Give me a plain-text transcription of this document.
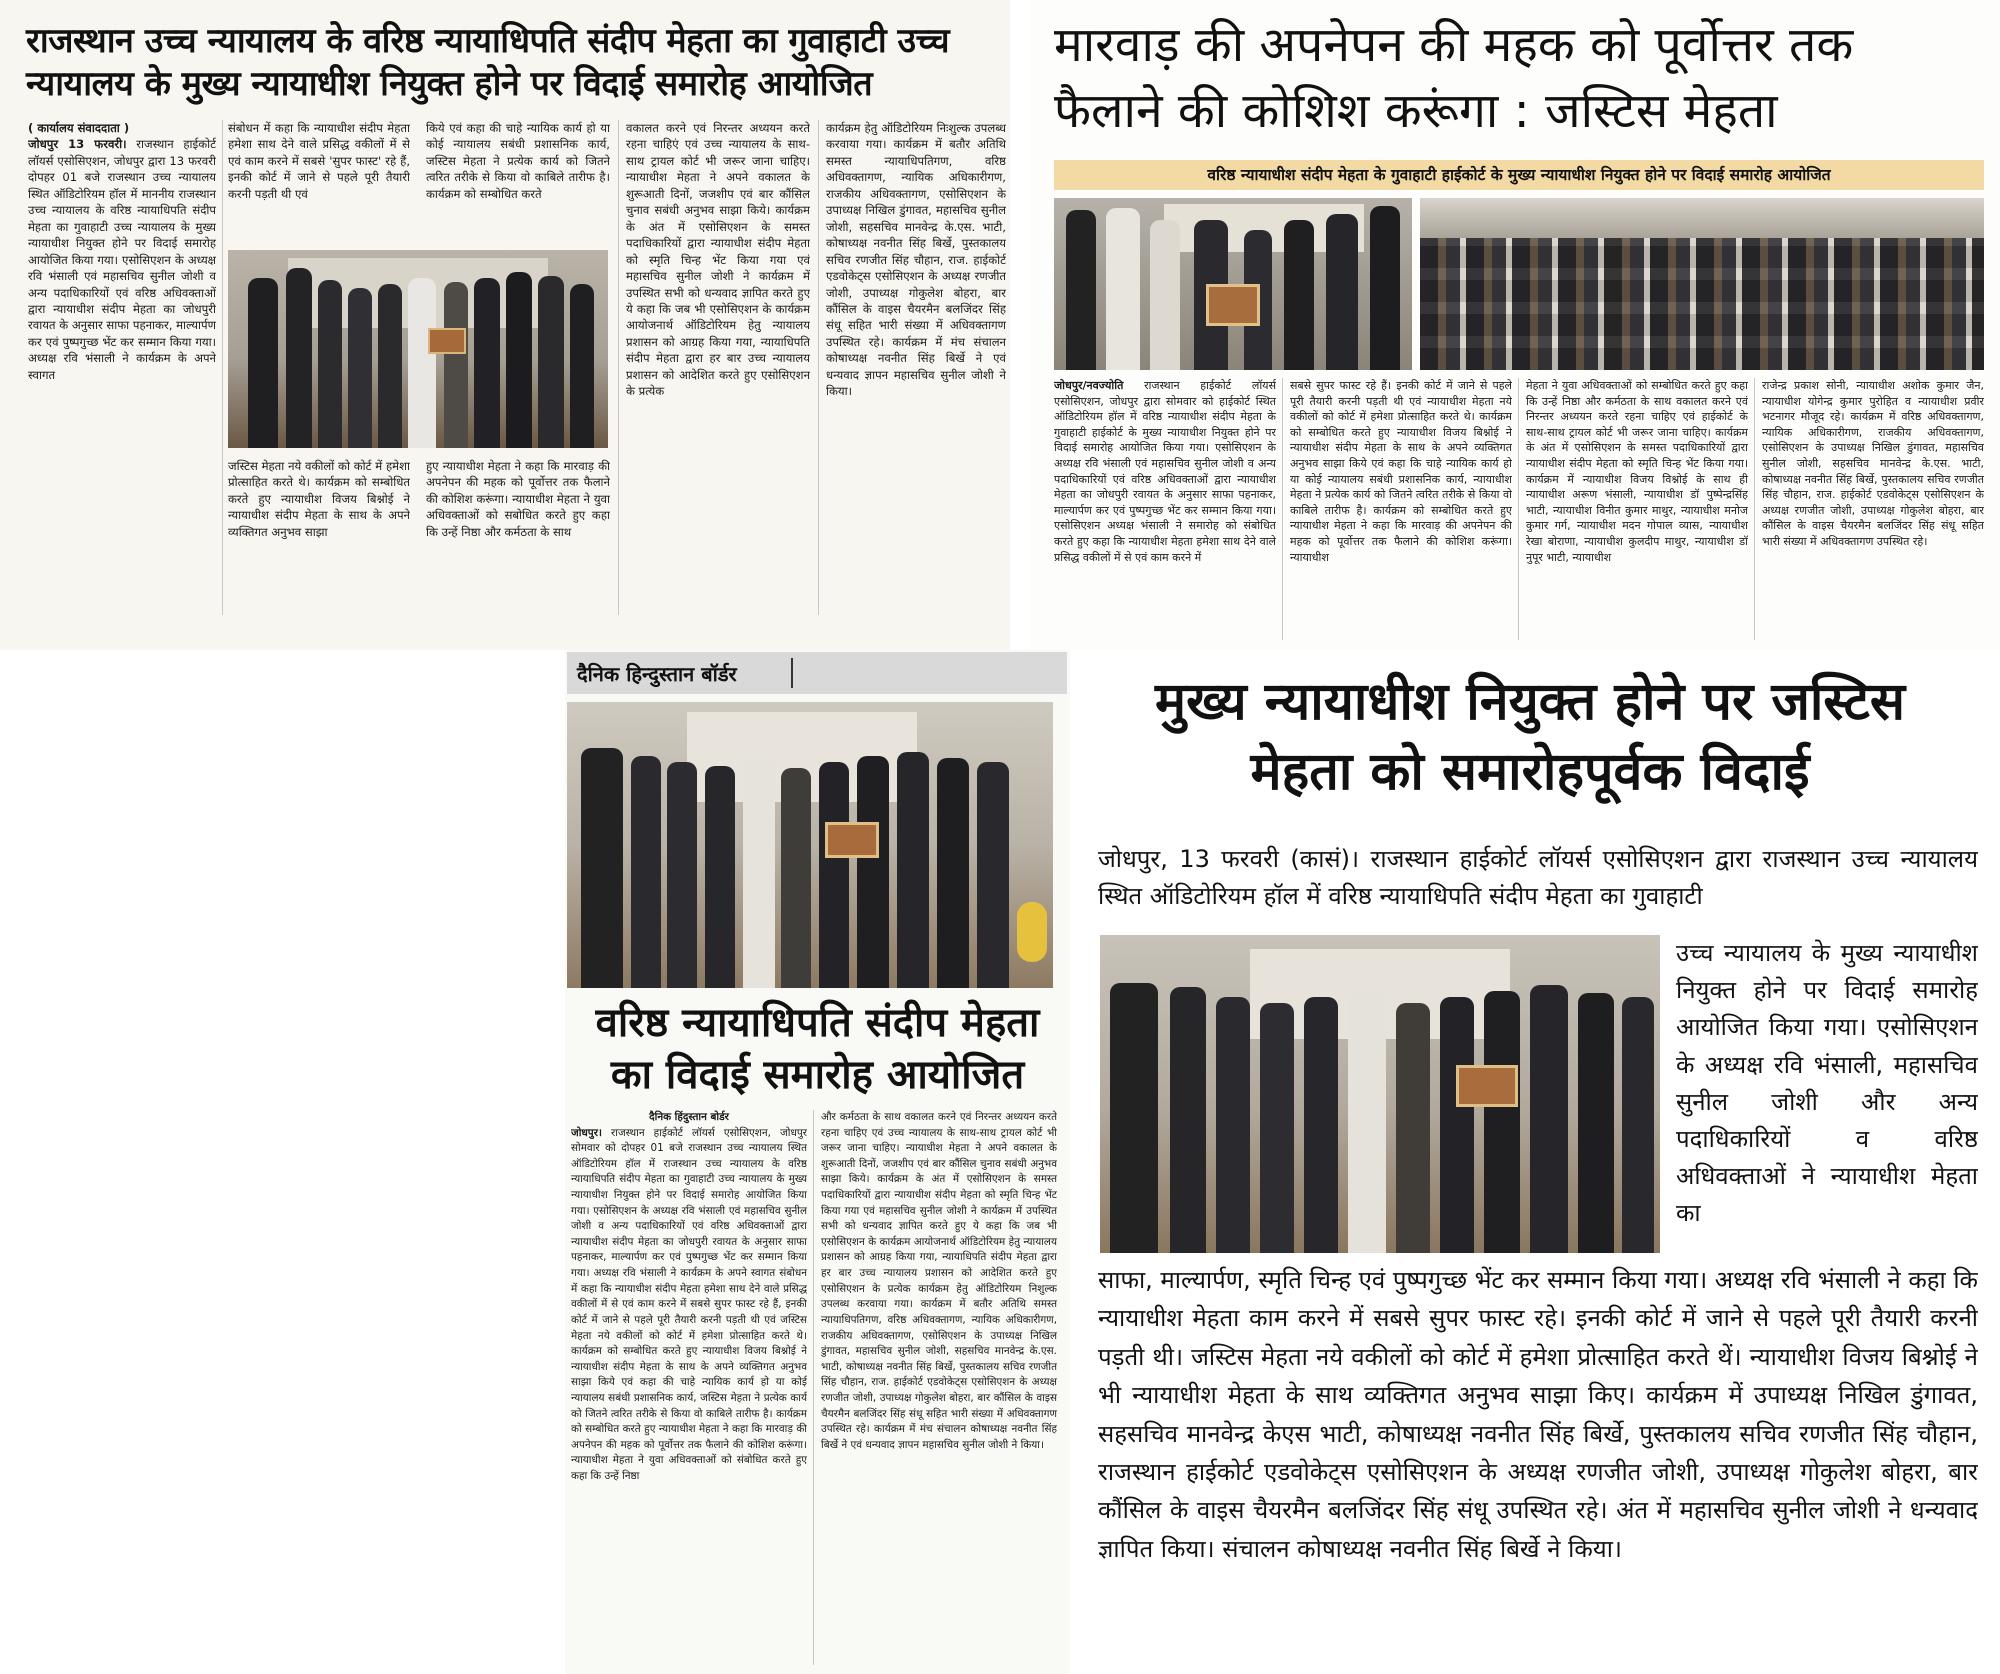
राजस्थान उच्च न्यायालय के वरिष्ठ न्यायाधिपति संदीप मेहता का गुवाहाटी उच्च

न्यायालय के मुख्य न्यायाधीश नियुक्त होने पर विदाई समारोह आयोजित

( कार्यालय संवाददाता )
जोधपुर 13 फरवरी। राजस्थान हाईकोर्ट लॉयर्स एसोसिएशन, जोधपुर द्वारा 13 फरवरी दोपहर 01 बजे राजस्थान उच्च न्यायालय स्थित ऑडिटोरियम हॉल में माननीय राजस्थान उच्च न्यायालय के वरिष्ठ न्यायाधिपति संदीप मेहता का गुवाहाटी उच्च न्यायालय के मुख्य न्यायाधीश नियुक्त होने पर विदाई समारोह आयोजित किया गया। एसोसिएशन के अध्यक्ष रवि भंसाली एवं महासचिव सुनील जोशी व अन्य पदाधिकारियों एवं वरिष्ठ अधिवक्ताओं द्वारा न्यायाधीश संदीप मेहता का जोधपुरी रवायत के अनुसार साफा पहनाकर, माल्यार्पण कर एवं पुष्पगुच्छ भेंट कर सम्मान किया गया। अध्यक्ष रवि भंसाली ने कार्यक्रम के अपने स्वागत
संबोधन में कहा कि न्यायाधीश संदीप मेहता हमेशा साथ देने वाले प्रसिद्ध वकीलों में से एवं काम करने में सबसे 'सुपर फास्ट' रहे हैं, इनकी कोर्ट में जाने से पहले पूरी तैयारी करनी पड़ती थी एवं
किये एवं कहा की चाहे न्यायिक कार्य हो या कोई न्यायालय सबंधी प्रशासनिक कार्य, जस्टिस मेहता ने प्रत्येक कार्य को जितने त्वरित तरीके से किया वो काबिले तारीफ है। कार्यक्रम को सम्बोधित करते
जस्टिस मेहता नये वकीलों को कोर्ट में हमेशा प्रोत्साहित करते थे। कार्यक्रम को सम्बोधित करते हुए न्यायाधीश विजय बिश्नोई ने न्यायाधीश संदीप मेहता के साथ के अपने व्यक्तिगत अनुभव साझा
हुए न्यायाधीश मेहता ने कहा कि मारवाड़ की अपनेपन की महक को पूर्वोत्तर तक फैलाने की कोशिश करूंगा। न्यायाधीश मेहता ने युवा अधिवक्ताओं को सबोधित करते हुए कहा कि उन्हें निष्ठा और कर्मठता के साथ
वकालत करने एवं निरन्तर अध्ययन करते रहना चाहिएं एवं उच्च न्यायालय के साथ-साथ ट्रायल कोर्ट भी जरूर जाना चाहिए। न्यायाधीश मेहता ने अपने वकालत के शुरूआती दिनों, जजशीप एवं बार कौंसिल चुनाव सबंधी अनुभव साझा किये। कार्यक्रम के अंत में एसोसिएशन के समस्त पदाधिकारियों द्वारा न्यायाधीश संदीप मेहता को स्मृति चिन्ह भेंट किया गया एवं महासचिव सुनील जोशी ने कार्यक्रम में उपस्थित सभी को धन्यवाद ज्ञापित करते हुए ये कहा कि जब भी एसोसिएशन के कार्यक्रम आयोजनार्थ ऑडिटोरियम हेतु न्यायालय प्रशासन को आग्रह किया गया, न्यायाधिपति संदीप मेहता द्वारा हर बार उच्च न्यायालय प्रशासन को आदेशित करते हुए एसोसिएशन के प्रत्येक
कार्यक्रम हेतु ऑडिटोरियम निःशुल्क उपलब्ध करवाया गया। कार्यक्रम में बतौर अतिथि समस्त न्यायाधिपतिगण, वरिष्ठ अधिवक्तागण, न्यायिक अधिकारीगण, राजकीय अधिवक्तागण, एसोसिएशन के उपाध्यक्ष निखिल डुंगावत, महासचिव सुनील जोशी, सहसचिव मानवेन्द्र के.एस. भाटी, कोषाध्यक्ष नवनीत सिंह बिर्खे, पुस्तकालय सचिव रणजीत सिंह चौहान, राज. हाईकोर्ट एडवोकेट्स एसोसिएशन के अध्यक्ष रणजीत जोशी, उपाध्यक्ष गोकुलेश बोहरा, बार कौंसिल के वाइस चैयरमैन बलजिंदर सिंह संधू सहित भारी संख्या में अधिवक्तागण उपस्थित रहे। कार्यक्रम में मंच संचालन कोषाध्यक्ष नवनीत सिंह बिर्खे ने एवं धन्यवाद ज्ञापन महासचिव सुनील जोशी ने किया।

मारवाड़ की अपनेपन की महक को पूर्वोत्तर तक

फैलाने की कोशिश करूंगा : जस्टिस मेहता

वरिष्ठ न्यायाधीश संदीप मेहता के गुवाहाटी हाईकोर्ट के मुख्य न्यायाधीश नियुक्त होने पर विदाई समारोह आयोजित
जोधपुर/नवज्योति राजस्थान हाईकोर्ट लॉयर्स एसोसिएशन, जोधपुर द्वारा सोमवार को हाईकोर्ट स्थित ऑडिटोरियम हॉल में वरिष्ठ न्यायाधीश संदीप मेहता के गुवाहाटी हाईकोर्ट के मुख्य न्यायाधीश नियुक्त होने पर विदाई समारोह आयोजित किया गया। एसोसिएशन के अध्यक्ष रवि भंसाली एवं महासचिव सुनील जोशी व अन्य पदाधिकारियों एवं वरिष्ठ अधिवक्ताओं द्वारा न्यायाधीश मेहता का जोधपुरी रवायत के अनुसार साफा पहनाकर, माल्यार्पण कर एवं पुष्पगुच्छ भेंट कर सम्मान किया गया। एसोसिएशन अध्यक्ष भंसाली ने समारोह को संबोधित करते हुए कहा कि न्यायाधीश मेहता हमेशा साथ देने वाले प्रसिद्ध वकीलों में से एवं काम करने में
सबसे सुपर फास्ट रहे हैं। इनकी कोर्ट में जाने से पहले पूरी तैयारी करनी पड़ती थी एवं न्यायाधीश मेहता नये वकीलों को कोर्ट में हमेशा प्रोत्साहित करते थे। कार्यक्रम को सम्बोधित करते हुए न्यायाधीश विजय बिश्नोई ने न्यायाधीश संदीप मेहता के साथ के अपने व्यक्तिगत अनुभव साझा किये एवं कहा कि चाहे न्यायिक कार्य हो या कोई न्यायालय सबंधी प्रशासनिक कार्य, न्यायाधीश मेहता ने प्रत्येक कार्य को जितने त्वरित तरीके से किया वो काबिले तारीफ है। कार्यक्रम को सम्बोधित करते हुए न्यायाधीश मेहता ने कहा कि मारवाड़ की अपनेपन की महक को पूर्वोत्तर तक फैलाने की कोशिश करूंगा। न्यायाधीश
मेहता ने युवा अधिवक्ताओं को सम्बोधित करते हुए कहा कि उन्हें निष्ठा और कर्मठता के साथ वकालत करने एवं निरन्तर अध्ययन करते रहना चाहिए एवं हाईकोर्ट के साथ-साथ ट्रायल कोर्ट भी जरूर जाना चाहिए। कार्यक्रम के अंत में एसोसिएशन के समस्त पदाधिकारियों द्वारा न्यायाधीश संदीप मेहता को स्मृति चिन्ह भेंट किया गया। कार्यक्रम में न्यायाधीश विजय विश्नोई के साथ ही न्यायाधीश अरूण भंसाली, न्यायाधीश डॉ पुष्पेन्द्रसिंह भाटी, न्यायाधीश विनीत कुमार माथुर, न्यायाधीश मनोज कुमार गर्ग, न्यायाधीश मदन गोपाल व्यास, न्यायाधीश रेखा बोराणा, न्यायाधीश कुलदीप माथुर, न्यायाधीश डॉ नुपूर भाटी, न्यायाधीश
राजेन्द्र प्रकाश सोनी, न्यायाधीश अशोक कुमार जैन, न्यायाधीश योगेन्द्र कुमार पुरोहित व न्यायाधीश प्रवीर भटनागर मौजूद रहे। कार्यक्रम में वरिष्ठ अधिवक्तागण, न्यायिक अधिकारीगण, राजकीय अधिवक्तागण, एसोसिएशन के उपाध्यक्ष निखिल डुंगावत, महासचिव सुनील जोशी, सहसचिव मानवेन्द्र के.एस. भाटी, कोषाध्यक्ष नवनीत सिंह बिर्खे, पुस्तकालय सचिव रणजीत सिंह चौहान, राज. हाईकोर्ट एडवोकेट्स एसोसिएशन के अध्यक्ष रणजीत जोशी, उपाध्यक्ष गोकुलेश बोहरा, बार कौंसिल के वाइस चैयरमैन बलजिंदर सिंह संधू सहित भारी संख्या में अधिवक्तागण उपस्थित रहे।
दैनिक हिन्दुस्तान बॉर्डर

वरिष्ठ न्यायाधिपति संदीप मेहता

का विदाई समारोह आयोजित

दैनिक हिंदुस्तान बोर्डर
जोधपुर। राजस्थान हाईकोर्ट लॉयर्स एसोसिएशन, जोधपुर सोमवार को दोपहर 01 बजे राजस्थान उच्च न्यायालय स्थित ऑडिटोरियम हॉल में राजस्थान उच्च न्यायालय के वरिष्ठ न्यायाधिपति संदीप मेहता का गुवाहाटी उच्च न्यायालय के मुख्य न्यायाधीश नियुक्त होने पर विदाई समारोह आयोजित किया गया। एसोसिएशन के अध्यक्ष रवि भंसाली एवं महासचिव सुनील जोशी व अन्य पदाधिकारियों एवं वरिष्ठ अधिवक्ताओं द्वारा न्यायाधीश संदीप मेहता का जोधपुरी रवायत के अनुसार साफा पहनाकर, माल्यार्पण कर एवं पुष्पगुच्छ भेंट कर सम्मान किया गया। अध्यक्ष रवि भंसाली ने कार्यक्रम के अपने स्वागत संबोधन में कहा कि न्यायाधीश संदीप मेहता हमेशा साथ देने वाले प्रसिद्ध वकीलों में से एवं काम करने में सबसे सुपर फास्ट रहे हैं, इनकी कोर्ट में जाने से पहले पूरी तैयारी करनी पड़ती थी एवं जस्टिस मेहता नये वकीलों को कोर्ट में हमेशा प्रोत्साहित करते थे। कार्यक्रम को सम्बोधित करते हुए न्यायाधीश विजय बिश्नोई ने न्यायाधीश संदीप मेहता के साथ के अपने व्यक्तिगत अनुभव साझा किये एवं कहा की चाहे न्यायिक कार्य हो या कोई न्यायालय सबंधी प्रशासनिक कार्य, जस्टिस मेहता ने प्रत्येक कार्य को जितने त्वरित तरीके से किया वो काबिले तारीफ है। कार्यक्रम को सम्बोधित करते हुए न्यायाधीश मेहता ने कहा कि मारवाड़ की अपनेपन की महक को पूर्वोत्तर तक फैलाने की कोशिश करूंगा। न्यायाधीश मेहता ने युवा अधिवक्ताओं को संबोधित करते हुए कहा कि उन्हें निष्ठा
और कर्मठता के साथ वकालत करने एवं निरन्तर अध्ययन करते रहना चाहिए एवं उच्च न्यायालय के साथ-साथ ट्रायल कोर्ट भी जरूर जाना चाहिए। न्यायाधीश मेहता ने अपने वकालत के शुरूआती दिनों, जजशीप एवं बार कौंसिल चुनाव सबंधी अनुभव साझा किये। कार्यक्रम के अंत में एसोसिएशन के समस्त पदाधिकारियों द्वारा न्यायाधीश संदीप मेहता को स्मृति चिन्ह भेंट किया गया एवं महासचिव सुनील जोशी ने कार्यक्रम में उपस्थित सभी को धन्यवाद ज्ञापित करते हुए ये कहा कि जब भी एसोसिएशन के कार्यक्रम आयोजनार्थ ऑडिटोरियम हेतु न्यायालय प्रशासन को आग्रह किया गया, न्यायाधिपति संदीप मेहता द्वारा हर बार उच्च न्यायालय प्रशासन को आदेशित करते हुए एसोसिएशन के प्रत्येक कार्यक्रम हेतु ऑडिटोरियम निशुल्क उपलब्ध करवाया गया। कार्यक्रम में बतौर अतिथि समस्त न्यायाधिपतिगण, वरिष्ठ अधिवक्तागण, न्यायिक अधिकारीगण, राजकीय अधिवक्तागण, एसोसिएशन के उपाध्यक्ष निखिल डुंगावत, महासचिव सुनील जोशी, सहसचिव मानवेन्द्र के.एस. भाटी, कोषाध्यक्ष नवनीत सिंह बिर्खे, पुस्तकालय सचिव रणजीत सिंह चौहान, राज. हाईकोर्ट एडवोकेट्स एसोसिएशन के अध्यक्ष रणजीत जोशी, उपाध्यक्ष गोकुलेश बोहरा, बार कौंसिल के वाइस चैयरमैन बलजिंदर सिंह संधू सहित भारी संख्या में अधिवक्तागण उपस्थित रहे। कार्यक्रम में मंच संचालन कोषाध्यक्ष नवनीत सिंह बिर्खे ने एवं धन्यवाद ज्ञापन महासचिव सुनील जोशी ने किया।

मुख्य न्यायाधीश नियुक्त होने पर जस्टिस

मेहता को समारोहपूर्वक विदाई

जोधपुर, 13 फरवरी (कासं)। राजस्थान हाईकोर्ट लॉयर्स एसोसिएशन द्वारा राजस्थान उच्च न्यायालय स्थित ऑडिटोरियम हॉल में वरिष्ठ न्यायाधिपति संदीप मेहता का गुवाहाटी
उच्च न्यायालय के मुख्य न्यायाधीश नियुक्त होने पर विदाई समारोह आयोजित किया गया। एसोसिएशन के अध्यक्ष रवि भंसाली, महासचिव सुनील जोशी और अन्य पदाधिकारियों व वरिष्ठ अधिवक्ताओं ने न्यायाधीश मेहता का
साफा, माल्यार्पण, स्मृति चिन्ह एवं पुष्पगुच्छ भेंट कर सम्मान किया गया। अध्यक्ष रवि भंसाली ने कहा कि न्यायाधीश मेहता काम करने में सबसे सुपर फास्ट रहे। इनकी कोर्ट में जाने से पहले पूरी तैयारी करनी पड़ती थी। जस्टिस मेहता नये वकीलों को कोर्ट में हमेशा प्रोत्साहित करते थें। न्यायाधीश विजय बिश्नोई ने भी न्यायाधीश मेहता के साथ व्यक्तिगत अनुभव साझा किए। कार्यक्रम में उपाध्यक्ष निखिल डुंगावत, सहसचिव मानवेन्द्र केएस भाटी, कोषाध्यक्ष नवनीत सिंह बिर्खे, पुस्तकालय सचिव रणजीत सिंह चौहान, राजस्थान हाईकोर्ट एडवोकेट्स एसोसिएशन के अध्यक्ष रणजीत जोशी, उपाध्यक्ष गोकुलेश बोहरा, बार कौंसिल के वाइस चैयरमैन बलजिंदर सिंह संधू उपस्थित रहे। अंत में महासचिव सुनील जोशी ने धन्यवाद ज्ञापित किया। संचालन कोषाध्यक्ष नवनीत सिंह बिर्खे ने किया।
